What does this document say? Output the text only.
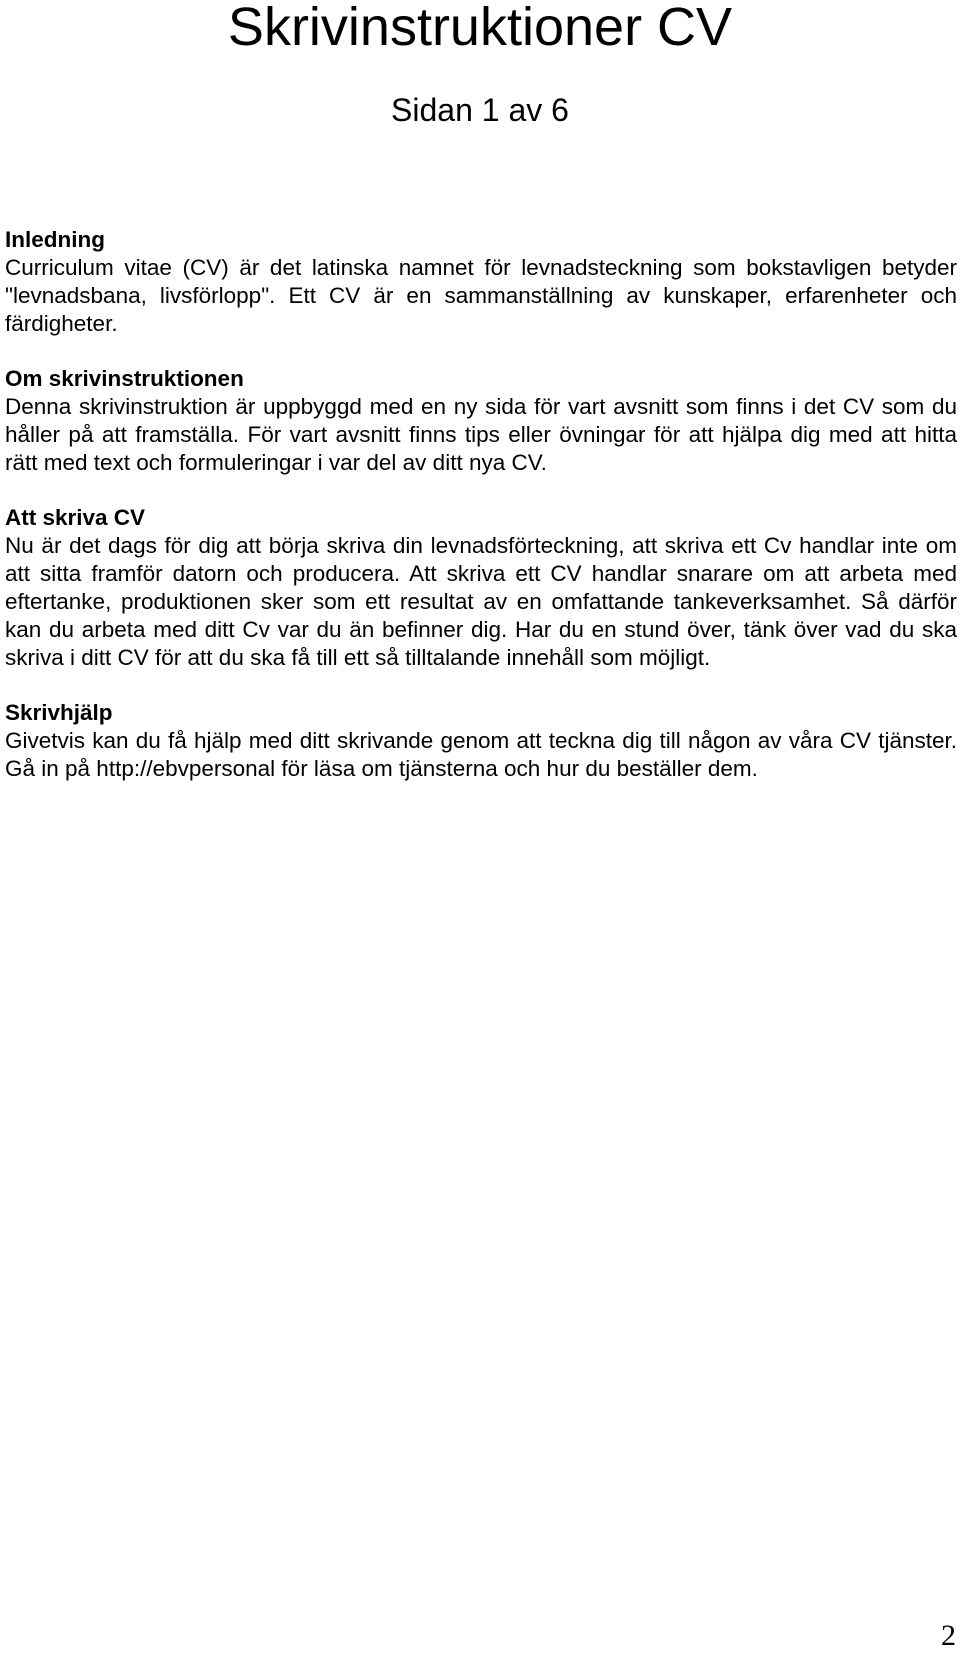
Skrivinstruktioner CV
Sidan 1 av 6

Inledning

Curriculum vitae (CV) är det latinska namnet för levnadsteckning som bokstavligen betyder "levnadsbana, livsförlopp". Ett CV är en sammanställning av kunskaper, erfarenheter och färdigheter.

Om skrivinstruktionen

Denna skrivinstruktion är uppbyggd med en ny sida för vart avsnitt som finns i det CV som du håller på att framställa. För vart avsnitt finns tips eller övningar för att hjälpa dig med att hitta rätt med text och formuleringar i var del av ditt nya CV.

Att skriva CV

Nu är det dags för dig att börja skriva din levnadsförteckning, att skriva ett Cv handlar inte om att sitta framför datorn och producera. Att skriva ett CV handlar snarare om att arbeta med eftertanke, produktionen sker som ett resultat av en omfattande tankeverksamhet. Så därför kan du arbeta med ditt Cv var du än befinner dig. Har du en stund över, tänk över vad du ska skriva i ditt CV för att du ska få till ett så tilltalande innehåll som möjligt.

Skrivhjälp

Givetvis kan du få hjälp med ditt skrivande genom att teckna dig till någon av våra CV tjänster. Gå in på http://ebvpersonal för läsa om tjänsterna och hur du beställer dem.

2
